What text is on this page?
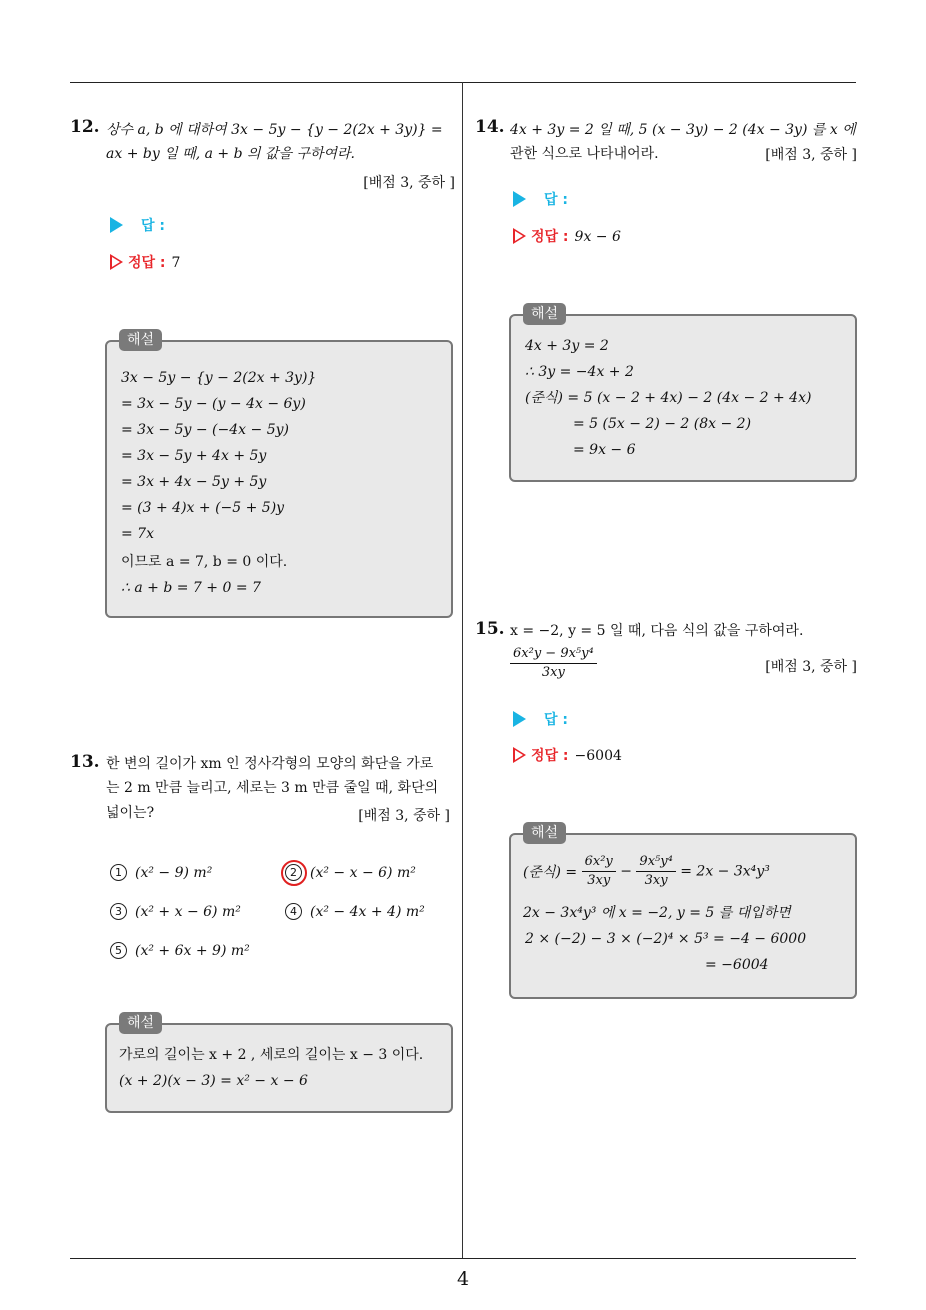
4
12. 상수 a, b 에 대하여 3x − 5y − {y − 2(2x + 3y)} =
ax + by 일 때, a + b 의 값을 구하여라.
[배점 3, 중하 ]
답 :
정답 : 7
3x − 5y − {y − 2(2x + 3y)}
= 3x − 5y − (y − 4x − 6y)
= 3x − 5y − (−4x − 5y)
= 3x − 5y + 4x + 5y
= 3x + 4x − 5y + 5y
= (3 + 4)x + (−5 + 5)y
= 7x
이므로 a = 7, b = 0 이다.
∴ a + b = 7 + 0 = 7
해설
13. 한 변의 길이가 xm 인 정사각형의 모양의 화단을 가로
는 2 m 만큼 늘리고, 세로는 3 m 만큼 줄일 때, 화단의
넓이는?	[배점 3, 중하 ]
1 (x² − 9) m²	2 (x² − x − 6) m²
3 (x² + x − 6) m²	4 (x² − 4x + 4) m²
5 (x² + 6x + 9) m²
가로의 길이는 x + 2 , 세로의 길이는 x − 3 이다.
(x + 2)(x − 3) = x² − x − 6
해설
14. 4x + 3y = 2 일 때, 5 (x − 3y) − 2 (4x − 3y) 를 x 에
관한 식으로 나타내어라.	[배점 3, 중하 ]
답 :
정답 : 9x − 6
4x + 3y = 2
∴ 3y = −4x + 2
(준식) = 5 (x − 2 + 4x) − 2 (4x − 2 + 4x)
= 5 (5x − 2) − 2 (8x − 2)
= 9x − 6
해설
15. x = −2, y = 5 일 때, 다음 식의 값을 구하여라.
$\frac{\text{6x²y − 9x⁵y⁴}}{3xy}$	[배점 3, 중하 ]
답 :
정답 : −6004
(준식) = $\frac{\text{6x²y}}{3xy} - \frac{\text{9x⁵y⁴}}{3xy} = 2x - 3x^4y^3$
2x − 3x⁴y³ 에 x = −2, y = 5 를 대입하면
2 × (−2) − 3 × (−2)⁴ × 5³ = −4 − 6000
= −6004
해설
